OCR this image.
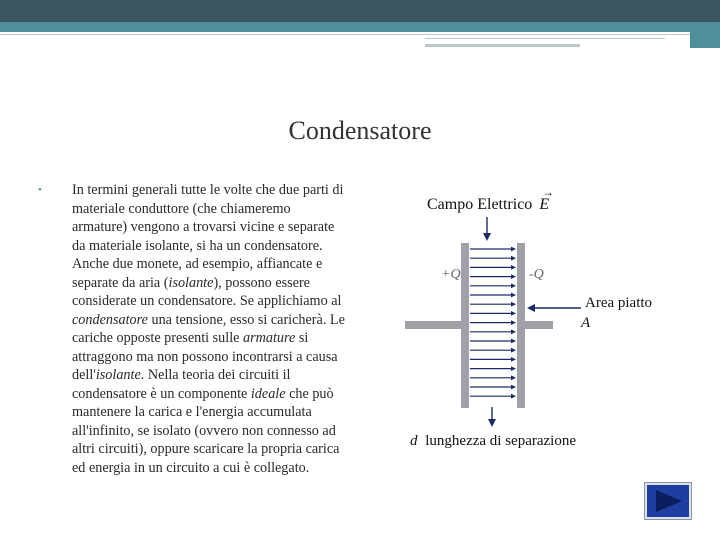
Condensatore
•	In termini generali tutte le volte che due parti di materiale conduttore (che chiameremo armature) vengono a trovarsi vicine e separate da materiale isolante, si ha un condensatore. Anche due monete, ad esempio, affiancate e separate da aria (isolante), possono essere considerate un condensatore. Se applichiamo al condensatore una tensione, esso si caricherà. Le cariche opposte presenti sulle armature si attraggono ma non possono incontrarsi a causa dell'isolante. Nella teoria dei circuiti il condensatore è un componente ideale che può mantenere la carica e l'energia accumulata all'infinito, se isolato (ovvero non connesso ad altri circuiti), oppure scaricare la propria carica ed energia in un circuito a cui è collegato.

Campo Elettrico E
→
+Q	-Q
Area piatto
A
d lunghezza di separazione
